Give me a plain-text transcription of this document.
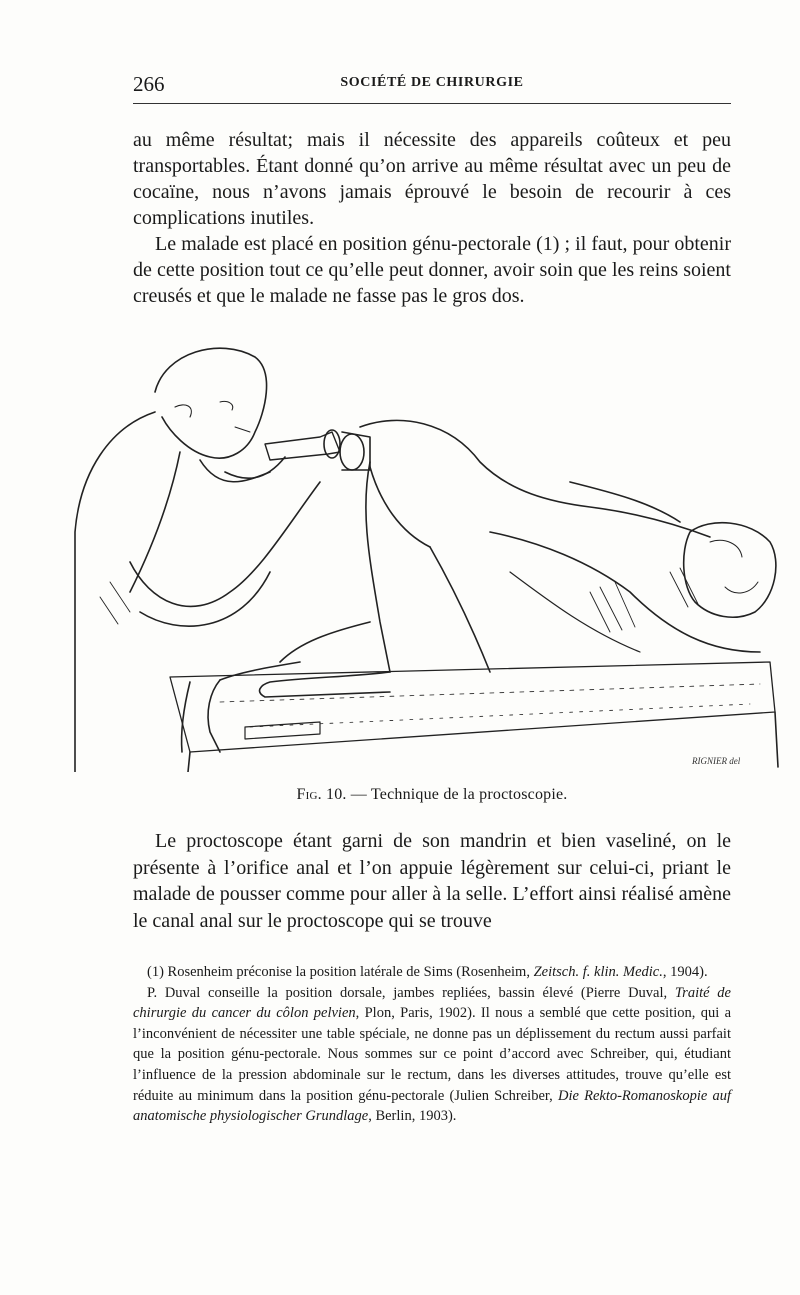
266	SOCIÉTÉ DE CHIRURGIE

au même résultat; mais il nécessite des appareils coûteux et peu transportables. Étant donné qu’on arrive au même résultat avec un peu de cocaïne, nous n’avons jamais éprouvé le besoin de recourir à ces complications inutiles.

Le malade est placé en position génu-pectorale (1) ; il faut, pour obtenir de cette position tout ce qu’elle peut donner, avoir soin que les reins soient creusés et que le malade ne fasse pas le gros dos.

RIGNIER del
Fig. 10. — Technique de la proctoscopie.

Le proctoscope étant garni de son mandrin et bien vaseliné, on le présente à l’orifice anal et l’on appuie légèrement sur celui-ci, priant le malade de pousser comme pour aller à la selle. L’effort ainsi réalisé amène le canal anal sur le proctoscope qui se trouve

(1) Rosenheim préconise la position latérale de Sims (Rosenheim, Zeitsch. f. klin. Medic., 1904).

P. Duval conseille la position dorsale, jambes repliées, bassin élevé (Pierre Duval, Traité de chirurgie du cancer du côlon pelvien, Plon, Paris, 1902). Il nous a semblé que cette position, qui a l’inconvénient de nécessiter une table spéciale, ne donne pas un déplissement du rectum aussi parfait que la position génu-pectorale. Nous sommes sur ce point d’accord avec Schreiber, qui, étudiant l’influence de la pression abdominale sur le rectum, dans les diverses attitudes, trouve qu’elle est réduite au minimum dans la position génu-pectorale (Julien Schreiber, Die Rekto-Romanoskopie auf anatomische physiologischer Grundlage, Berlin, 1903).
